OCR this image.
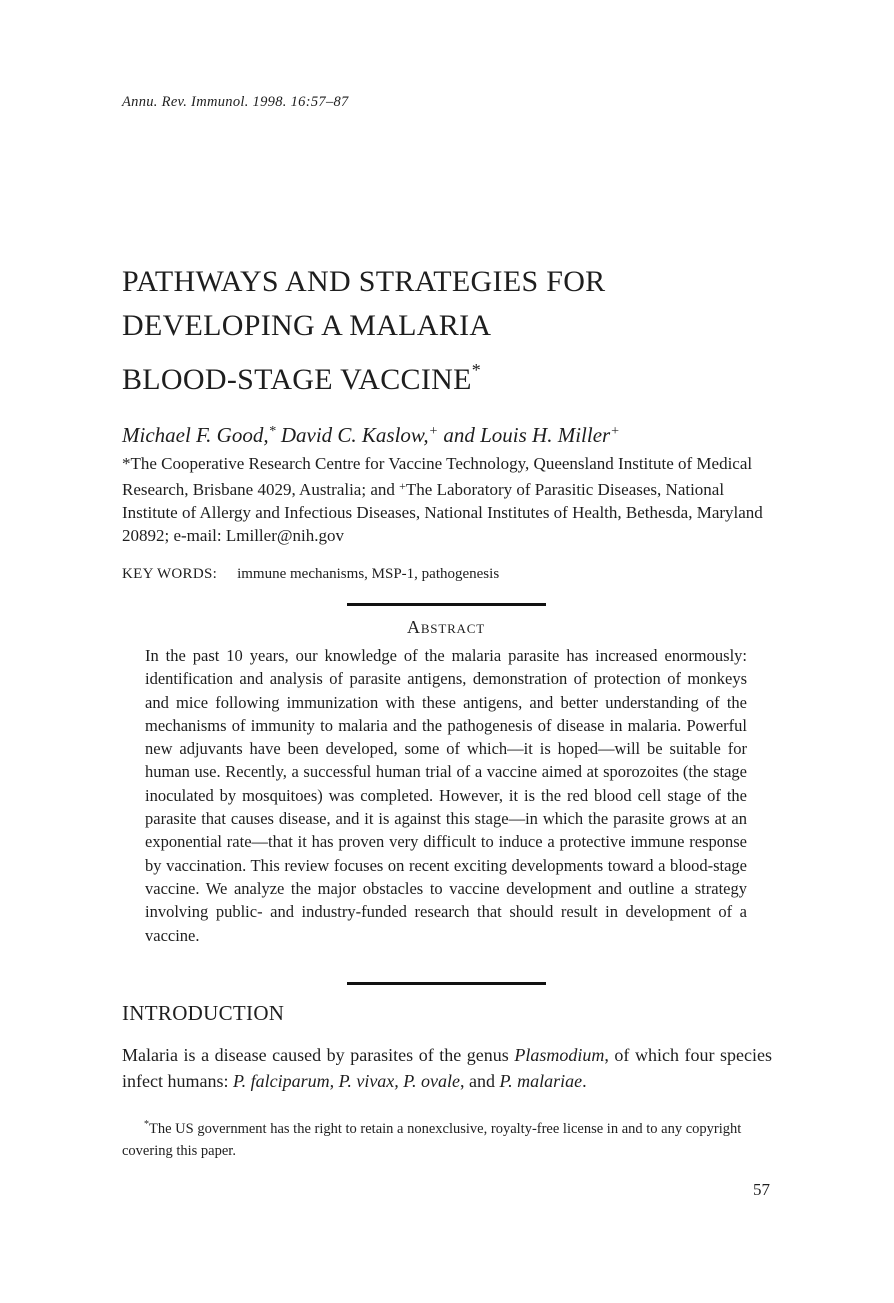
Annu. Rev. Immunol. 1998. 16:57–87
PATHWAYS AND STRATEGIES FOR
DEVELOPING A MALARIA
BLOOD-STAGE VACCINE*
Michael F. Good,* David C. Kaslow,+ and Louis H. Miller+
*The Cooperative Research Centre for Vaccine Technology, Queensland Institute of Medical Research, Brisbane 4029, Australia; and +The Laboratory of Parasitic Diseases, National Institute of Allergy and Infectious Diseases, National Institutes of Health, Bethesda, Maryland 20892; e-mail: Lmiller@nih.gov
KEY WORDS: immune mechanisms, MSP-1, pathogenesis
Abstract
In the past 10 years, our knowledge of the malaria parasite has increased enormously: identification and analysis of parasite antigens, demonstration of protection of monkeys and mice following immunization with these antigens, and better understanding of the mechanisms of immunity to malaria and the pathogenesis of disease in malaria. Powerful new adjuvants have been developed, some of which—it is hoped—will be suitable for human use. Recently, a successful human trial of a vaccine aimed at sporozoites (the stage inoculated by mosquitoes) was completed. However, it is the red blood cell stage of the parasite that causes disease, and it is against this stage—in which the parasite grows at an exponential rate—that it has proven very difficult to induce a protective immune response by vaccination. This review focuses on recent exciting developments toward a blood-stage vaccine. We analyze the major obstacles to vaccine development and outline a strategy involving public- and industry-funded research that should result in development of a vaccine.
INTRODUCTION
Malaria is a disease caused by parasites of the genus Plasmodium, of which four species infect humans: P. falciparum, P. vivax, P. ovale, and P. malariae.
*The US government has the right to retain a nonexclusive, royalty-free license in and to any copyright covering this paper.
57
